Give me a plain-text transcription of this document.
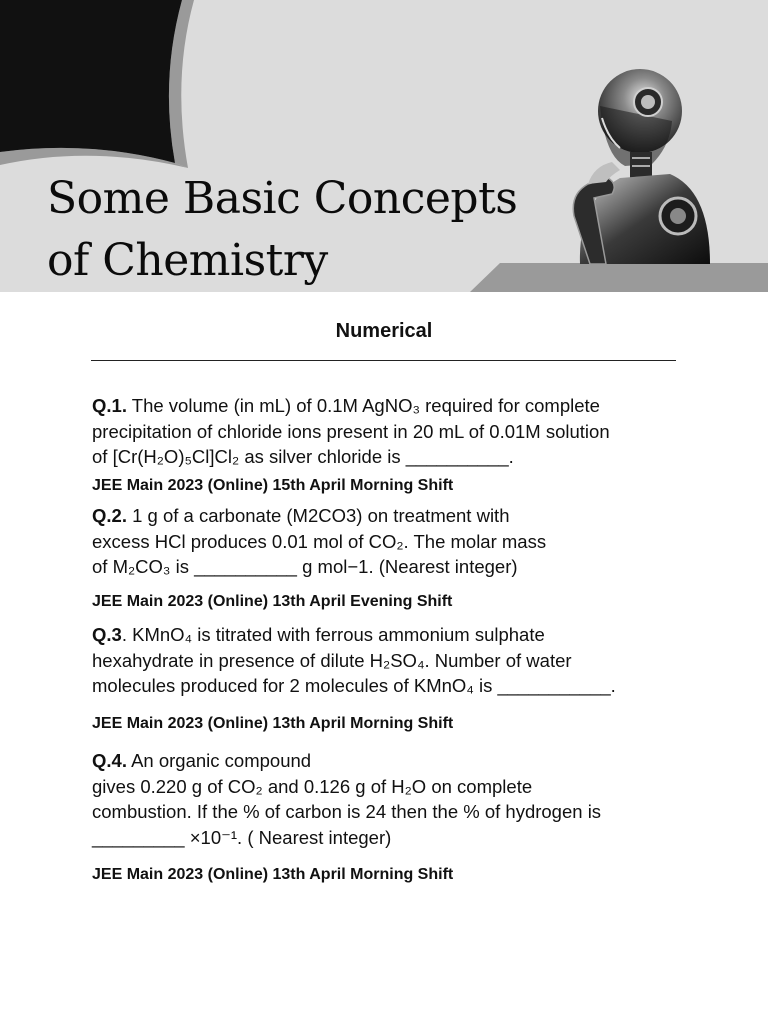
Some Basic Concepts
of Chemistry
Numerical

Q.1. The volume (in mL) of 0.1M AgNO₃ required for complete
precipitation of chloride ions present in 20 mL of 0.01M solution
of [Cr(H₂O)₅Cl]Cl₂ as silver chloride is __________.

JEE Main 2023 (Online) 15th April Morning Shift

Q.2. 1 g of a carbonate (M2CO3) on treatment with
excess HCl produces 0.01 mol of CO₂. The molar mass
of M₂CO₃ is __________ g mol−1. (Nearest integer)

JEE Main 2023 (Online) 13th April Evening Shift

Q.3. KMnO₄ is titrated with ferrous ammonium sulphate
hexahydrate in presence of dilute H₂SO₄. Number of water
molecules produced for 2 molecules of KMnO₄ is ___________.

JEE Main 2023 (Online) 13th April Morning Shift

Q.4. An organic compound
gives 0.220 g of CO₂ and 0.126 g of H₂O on complete
combustion. If the % of carbon is 24 then the % of hydrogen is
_________ ×10⁻¹. ( Nearest integer)

JEE Main 2023 (Online) 13th April Morning Shift
